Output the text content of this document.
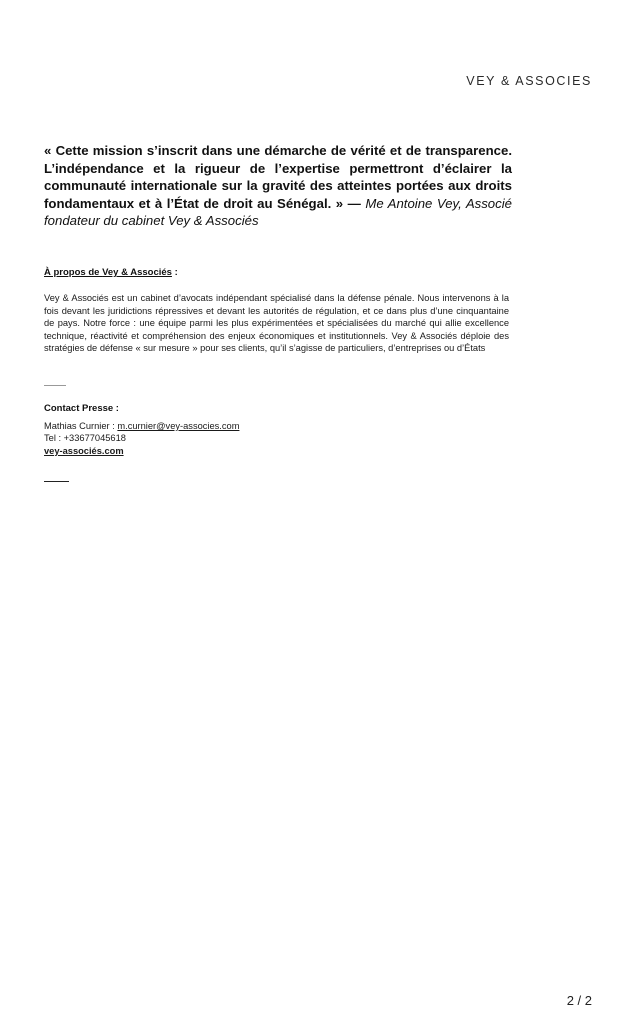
VEY & ASSOCIES
« Cette mission s’inscrit dans une démarche de vérité et de transparence. L’indépendance et la rigueur de l’expertise permettront d’éclairer la communauté internationale sur la gravité des atteintes portées aux droits fondamentaux et à l’État de droit au Sénégal. » — Me Antoine Vey, Associé fondateur du cabinet Vey & Associés
À propos de Vey & Associés :
Vey & Associés est un cabinet d’avocats indépendant spécialisé dans la défense pénale. Nous intervenons à la fois devant les juridictions répressives et devant les autorités de régulation, et ce dans plus d’une cinquantaine de pays. Notre force : une équipe parmi les plus expérimentées et spécialisées du marché qui allie excellence technique, réactivité et compréhension des enjeux économiques et institutionnels. Vey & Associés déploie des stratégies de défense « sur mesure » pour ses clients, qu’il s’agisse de particuliers, d’entreprises ou d’États
Contact Presse :
Mathias Curnier : m.curnier@vey-associes.com
Tel : +33677045618
vey-associés.com
2 / 2
